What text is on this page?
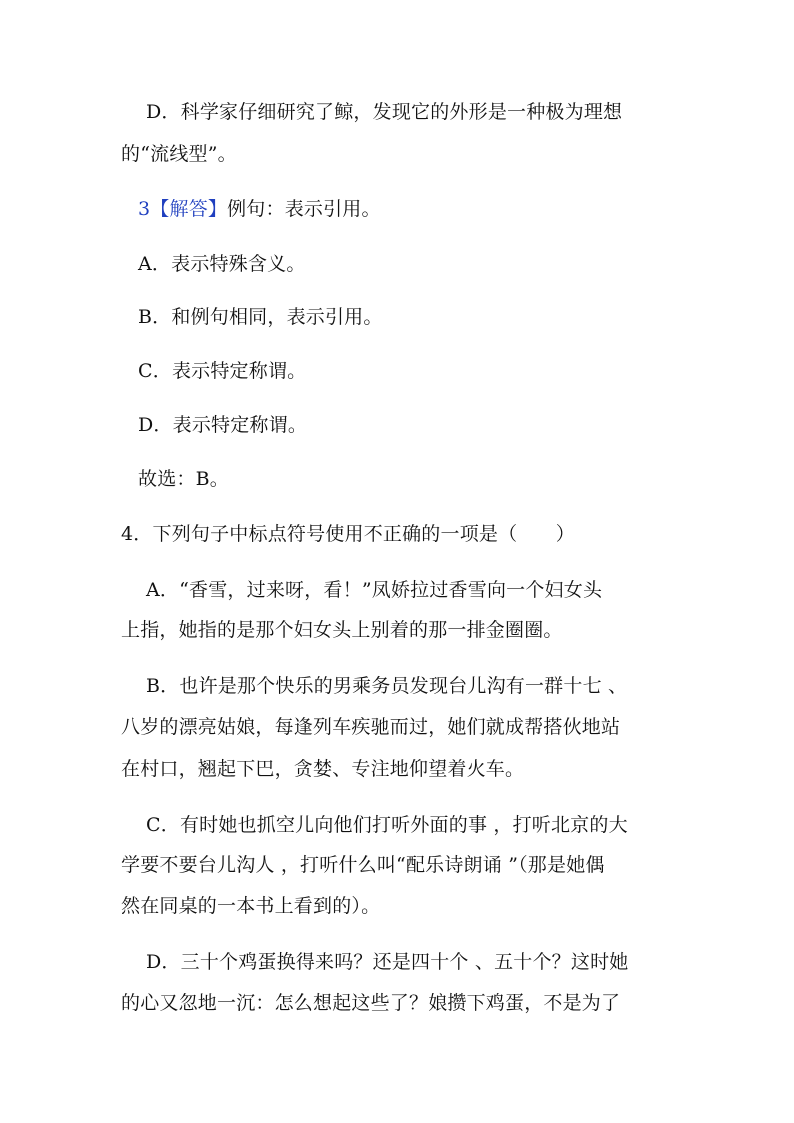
D．科学家仔细研究了鲸，发现它的外形是一种极为理想
的“流线型”。
3【解答】例句：表示引用。
A．表示特殊含义。
B．和例句相同，表示引用。
C．表示特定称谓。
D．表示特定称谓。
故选：B。
4．下列句子中标点符号使用不正确的一项是（　　）
A．“香雪，过来呀，看！”凤娇拉过香雪向一个妇女头
上指，她指的是那个妇女头上别着的那一排金圈圈。
B．也许是那个快乐的男乘务员发现台儿沟有一群十七 、
八岁的漂亮姑娘，每逢列车疾驰而过，她们就成帮搭伙地站
在村口，翘起下巴，贪婪、专注地仰望着火车。
C．有时她也抓空儿向他们打听外面的事 ，打听北京的大
学要不要台儿沟人 ，打听什么叫“配乐诗朗诵 ”（那是她偶
然在同桌的一本书上看到的）。
D．三十个鸡蛋换得来吗？还是四十个 、五十个？这时她
的心又忽地一沉：怎么想起这些了？娘攒下鸡蛋，不是为了
